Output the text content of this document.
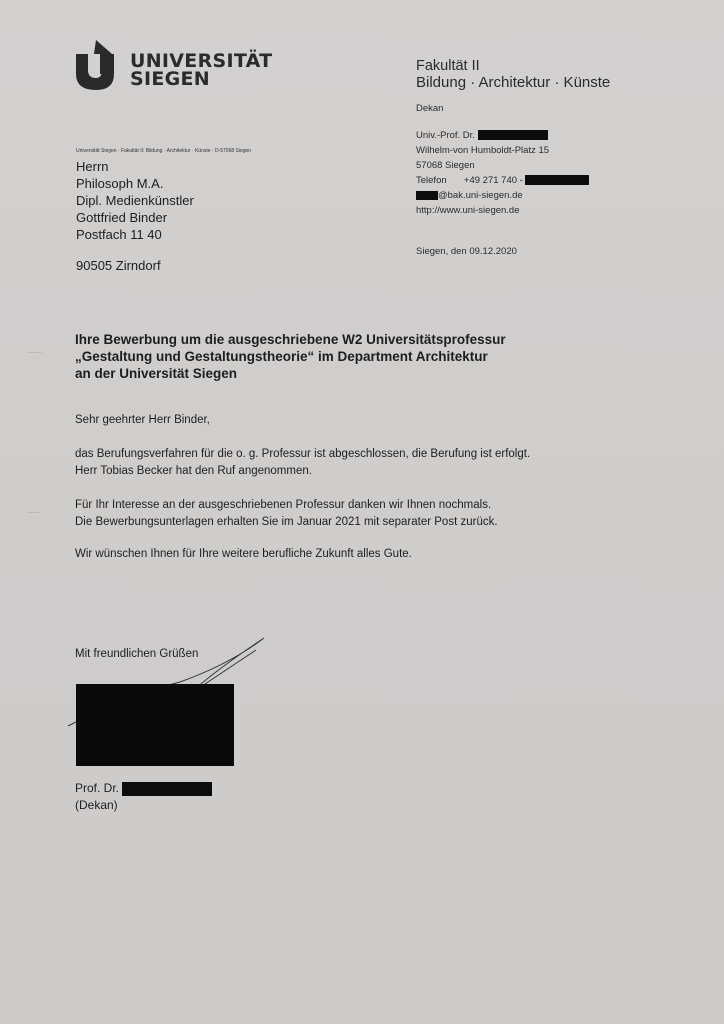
UNIVERSITÄT
SIEGEN
Fakultät II
Bildung · Architektur · Künste
Dekan
Univ.-Prof. Dr.
Wilhelm-von Humboldt-Platz 15
57068 Siegen
Telefon +49 271 740 -
@bak.uni-siegen.de
http://www.uni-siegen.de
Siegen, den 09.12.2020
Universität Siegen · Fakultät II: Bildung · Architektur · Künste · D-57068 Siegen
Herrn
Philosoph M.A.
Dipl. Medienkünstler
Gottfried Binder
Postfach 11 40
90505 Zirndorf
Ihre Bewerbung um die ausgeschriebene W2 Universitätsprofessur
„Gestaltung und Gestaltungstheorie“ im Department Architektur
an der Universität Siegen
Sehr geehrter Herr Binder,
das Berufungsverfahren für die o. g. Professur ist abgeschlossen, die Berufung ist erfolgt.
Herr Tobias Becker hat den Ruf angenommen.
Für Ihr Interesse an der ausgeschriebenen Professur danken wir Ihnen nochmals.
Die Bewerbungsunterlagen erhalten Sie im Januar 2021 mit separater Post zurück.
Wir wünschen Ihnen für Ihre weitere berufliche Zukunft alles Gute.
Mit freundlichen Grüßen
Prof. Dr.
(Dekan)
